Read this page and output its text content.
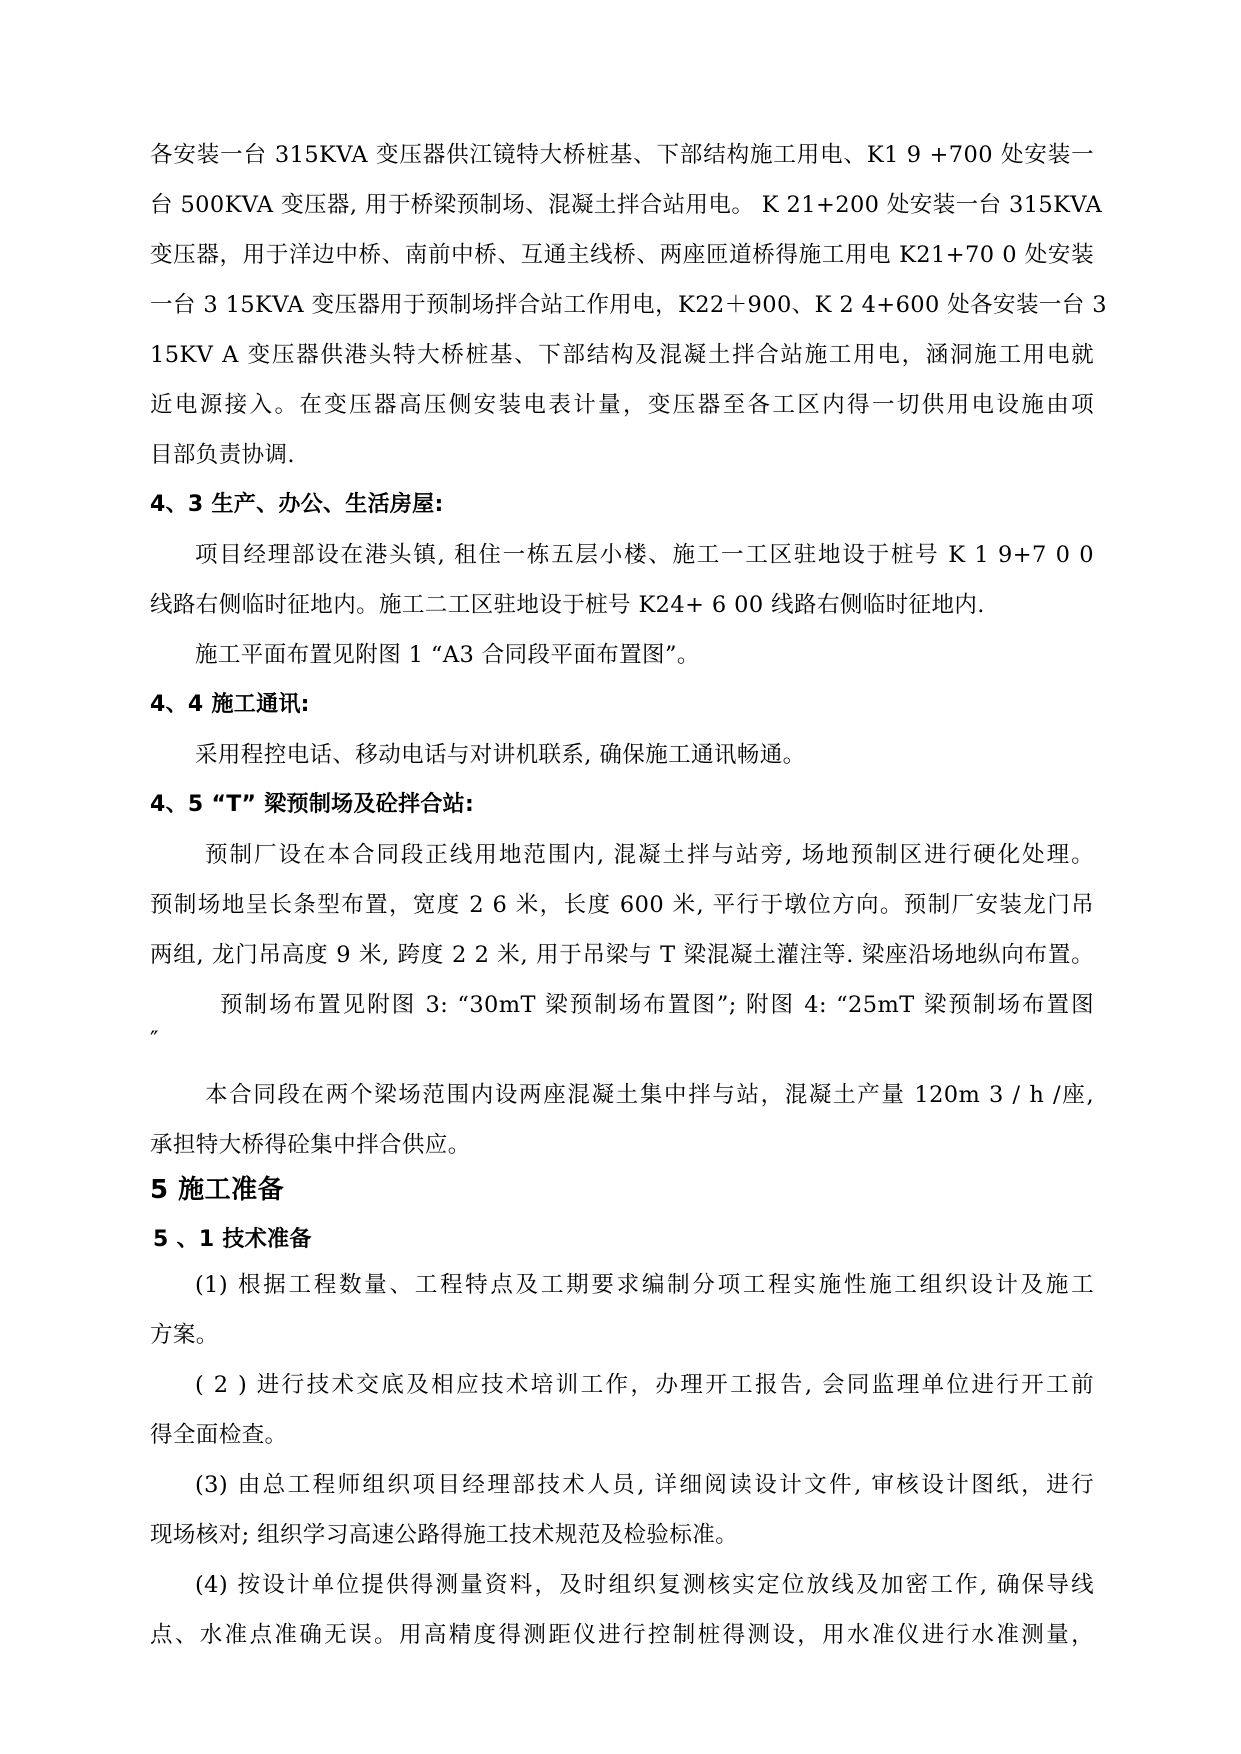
各安装一台 315KVA 变压器供江镜特大桥桩基、下部结构施工用电、K1 9 +700 处安装一
台 500KVA 变压器, 用于桥梁预制场、混凝土拌合站用电。 K 21+200 处安装一台 315KVA
变压器，用于洋边中桥、南前中桥、互通主线桥、两座匝道桥得施工用电 K21+70 0 处安装
一台 3 15KVA 变压器用于预制场拌合站工作用电，K22＋900、K 2 4+600 处各安装一台 3
15KV A 变压器供港头特大桥桩基、下部结构及混凝土拌合站施工用电，涵洞施工用电就
近电源接入。在变压器高压侧安装电表计量，变压器至各工区内得一切供用电设施由项
目部负责协调.
4、3 生产、办公、生活房屋:
项目经理部设在港头镇, 租住一栋五层小楼、施工一工区驻地设于桩号 K 1 9+7 0 0
线路右侧临时征地内。施工二工区驻地设于桩号 K24+ 6 00 线路右侧临时征地内.
施工平面布置见附图 1 “A3 合同段平面布置图”。
4、4 施工通讯:
采用程控电话、移动电话与对讲机联系, 确保施工通讯畅通。
4、5 “T” 梁预制场及砼拌合站:
预制厂设在本合同段正线用地范围内, 混凝土拌与站旁, 场地预制区进行硬化处理。
预制场地呈长条型布置，宽度 2 6 米，长度 600 米, 平行于墩位方向。预制厂安装龙门吊
两组, 龙门吊高度 9 米, 跨度 2 2 米, 用于吊梁与 T 梁混凝土灌注等. 梁座沿场地纵向布置。
预制场布置见附图 3: “30mT 梁预制场布置图”; 附图 4: “25mT 梁预制场布置图
″
本合同段在两个梁场范围内设两座混凝土集中拌与站，混凝土产量 120m 3 / h /座,
承担特大桥得砼集中拌合供应。
5 施工准备
5 、1 技术准备
(1) 根据工程数量、工程特点及工期要求编制分项工程实施性施工组织设计及施工
方案。
( 2 ) 进行技术交底及相应技术培训工作，办理开工报告, 会同监理单位进行开工前
得全面检查。
(3) 由总工程师组织项目经理部技术人员, 详细阅读设计文件, 审核设计图纸，进行
现场核对; 组织学习高速公路得施工技术规范及检验标准。
(4) 按设计单位提供得测量资料，及时组织复测核实定位放线及加密工作, 确保导线
点、水准点准确无误。用高精度得测距仪进行控制桩得测设，用水准仪进行水准测量，
